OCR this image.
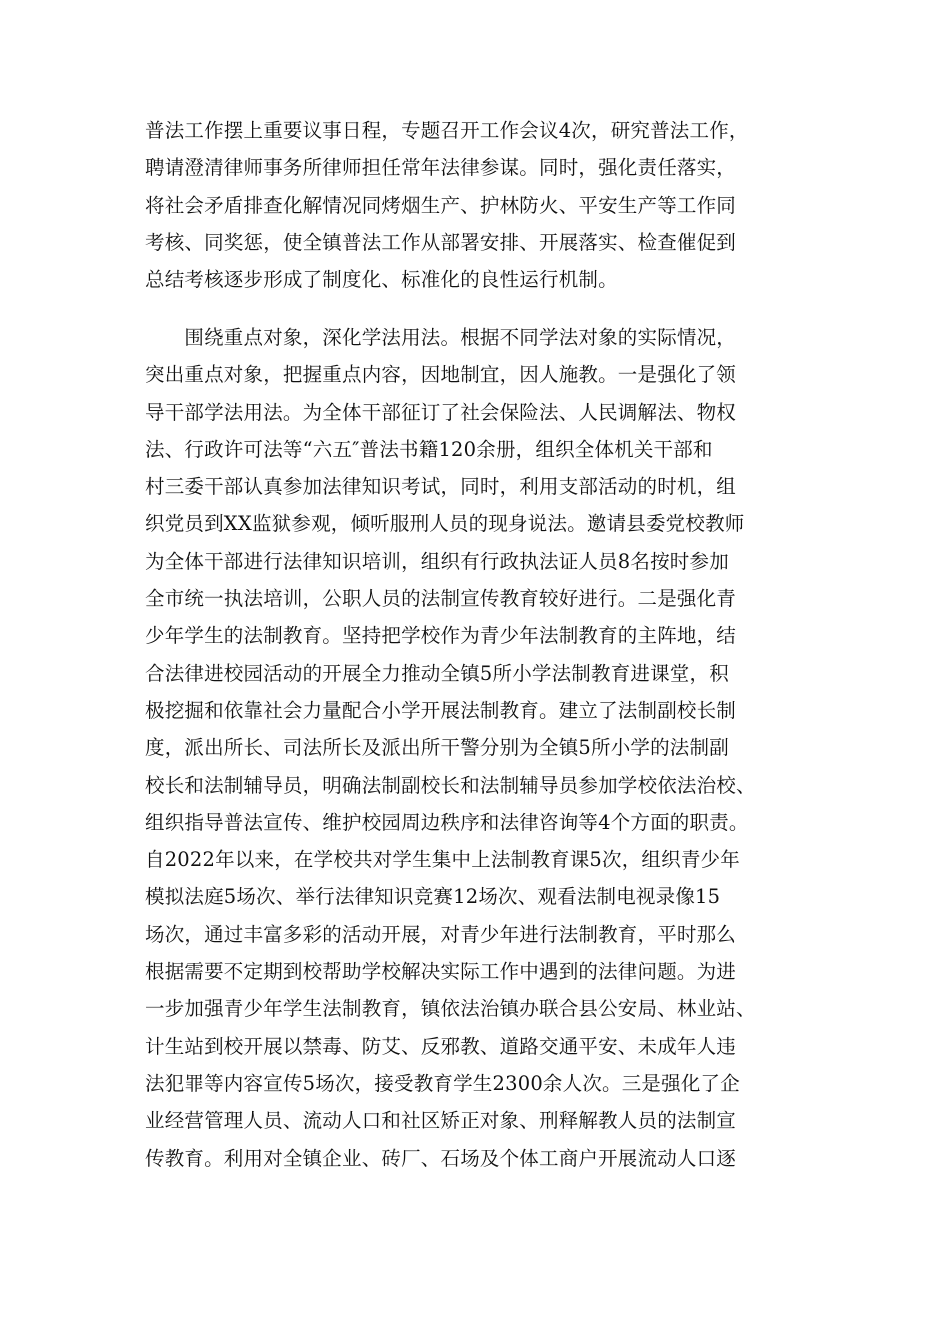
普法工作摆上重要议事日程，专题召开工作会议4次，研究普法工作，
聘请澄清律师事务所律师担任常年法律参谋。同时，强化责任落实，
将社会矛盾排查化解情况同烤烟生产、护林防火、平安生产等工作同
考核、同奖惩，使全镇普法工作从部署安排、开展落实、检查催促到
总结考核逐步形成了制度化、标准化的良性运行机制。
　　围绕重点对象，深化学法用法。根据不同学法对象的实际情况，
突出重点对象，把握重点内容，因地制宜，因人施教。一是强化了领
导干部学法用法。为全体干部征订了社会保险法、人民调解法、物权
法、行政许可法等“六五″普法书籍120余册，组织全体机关干部和
村三委干部认真参加法律知识考试，同时，利用支部活动的时机，组
织党员到XX监狱参观，倾听服刑人员的现身说法。邀请县委党校教师
为全体干部进行法律知识培训，组织有行政执法证人员8名按时参加
全市统一执法培训，公职人员的法制宣传教育较好进行。二是强化青
少年学生的法制教育。坚持把学校作为青少年法制教育的主阵地，结
合法律进校园活动的开展全力推动全镇5所小学法制教育进课堂，积
极挖掘和依靠社会力量配合小学开展法制教育。建立了法制副校长制
度，派出所长、司法所长及派出所干警分别为全镇5所小学的法制副
校长和法制辅导员，明确法制副校长和法制辅导员参加学校依法治校、
组织指导普法宣传、维护校园周边秩序和法律咨询等4个方面的职责。
自2022年以来，在学校共对学生集中上法制教育课5次，组织青少年
模拟法庭5场次、举行法律知识竞赛12场次、观看法制电视录像15
场次，通过丰富多彩的活动开展，对青少年进行法制教育，平时那么
根据需要不定期到校帮助学校解决实际工作中遇到的法律问题。为进
一步加强青少年学生法制教育，镇依法治镇办联合县公安局、林业站、
计生站到校开展以禁毒、防艾、反邪教、道路交通平安、未成年人违
法犯罪等内容宣传5场次，接受教育学生2300余人次。三是强化了企
业经营管理人员、流动人口和社区矫正对象、刑释解教人员的法制宣
传教育。利用对全镇企业、砖厂、石场及个体工商户开展流动人口逐
